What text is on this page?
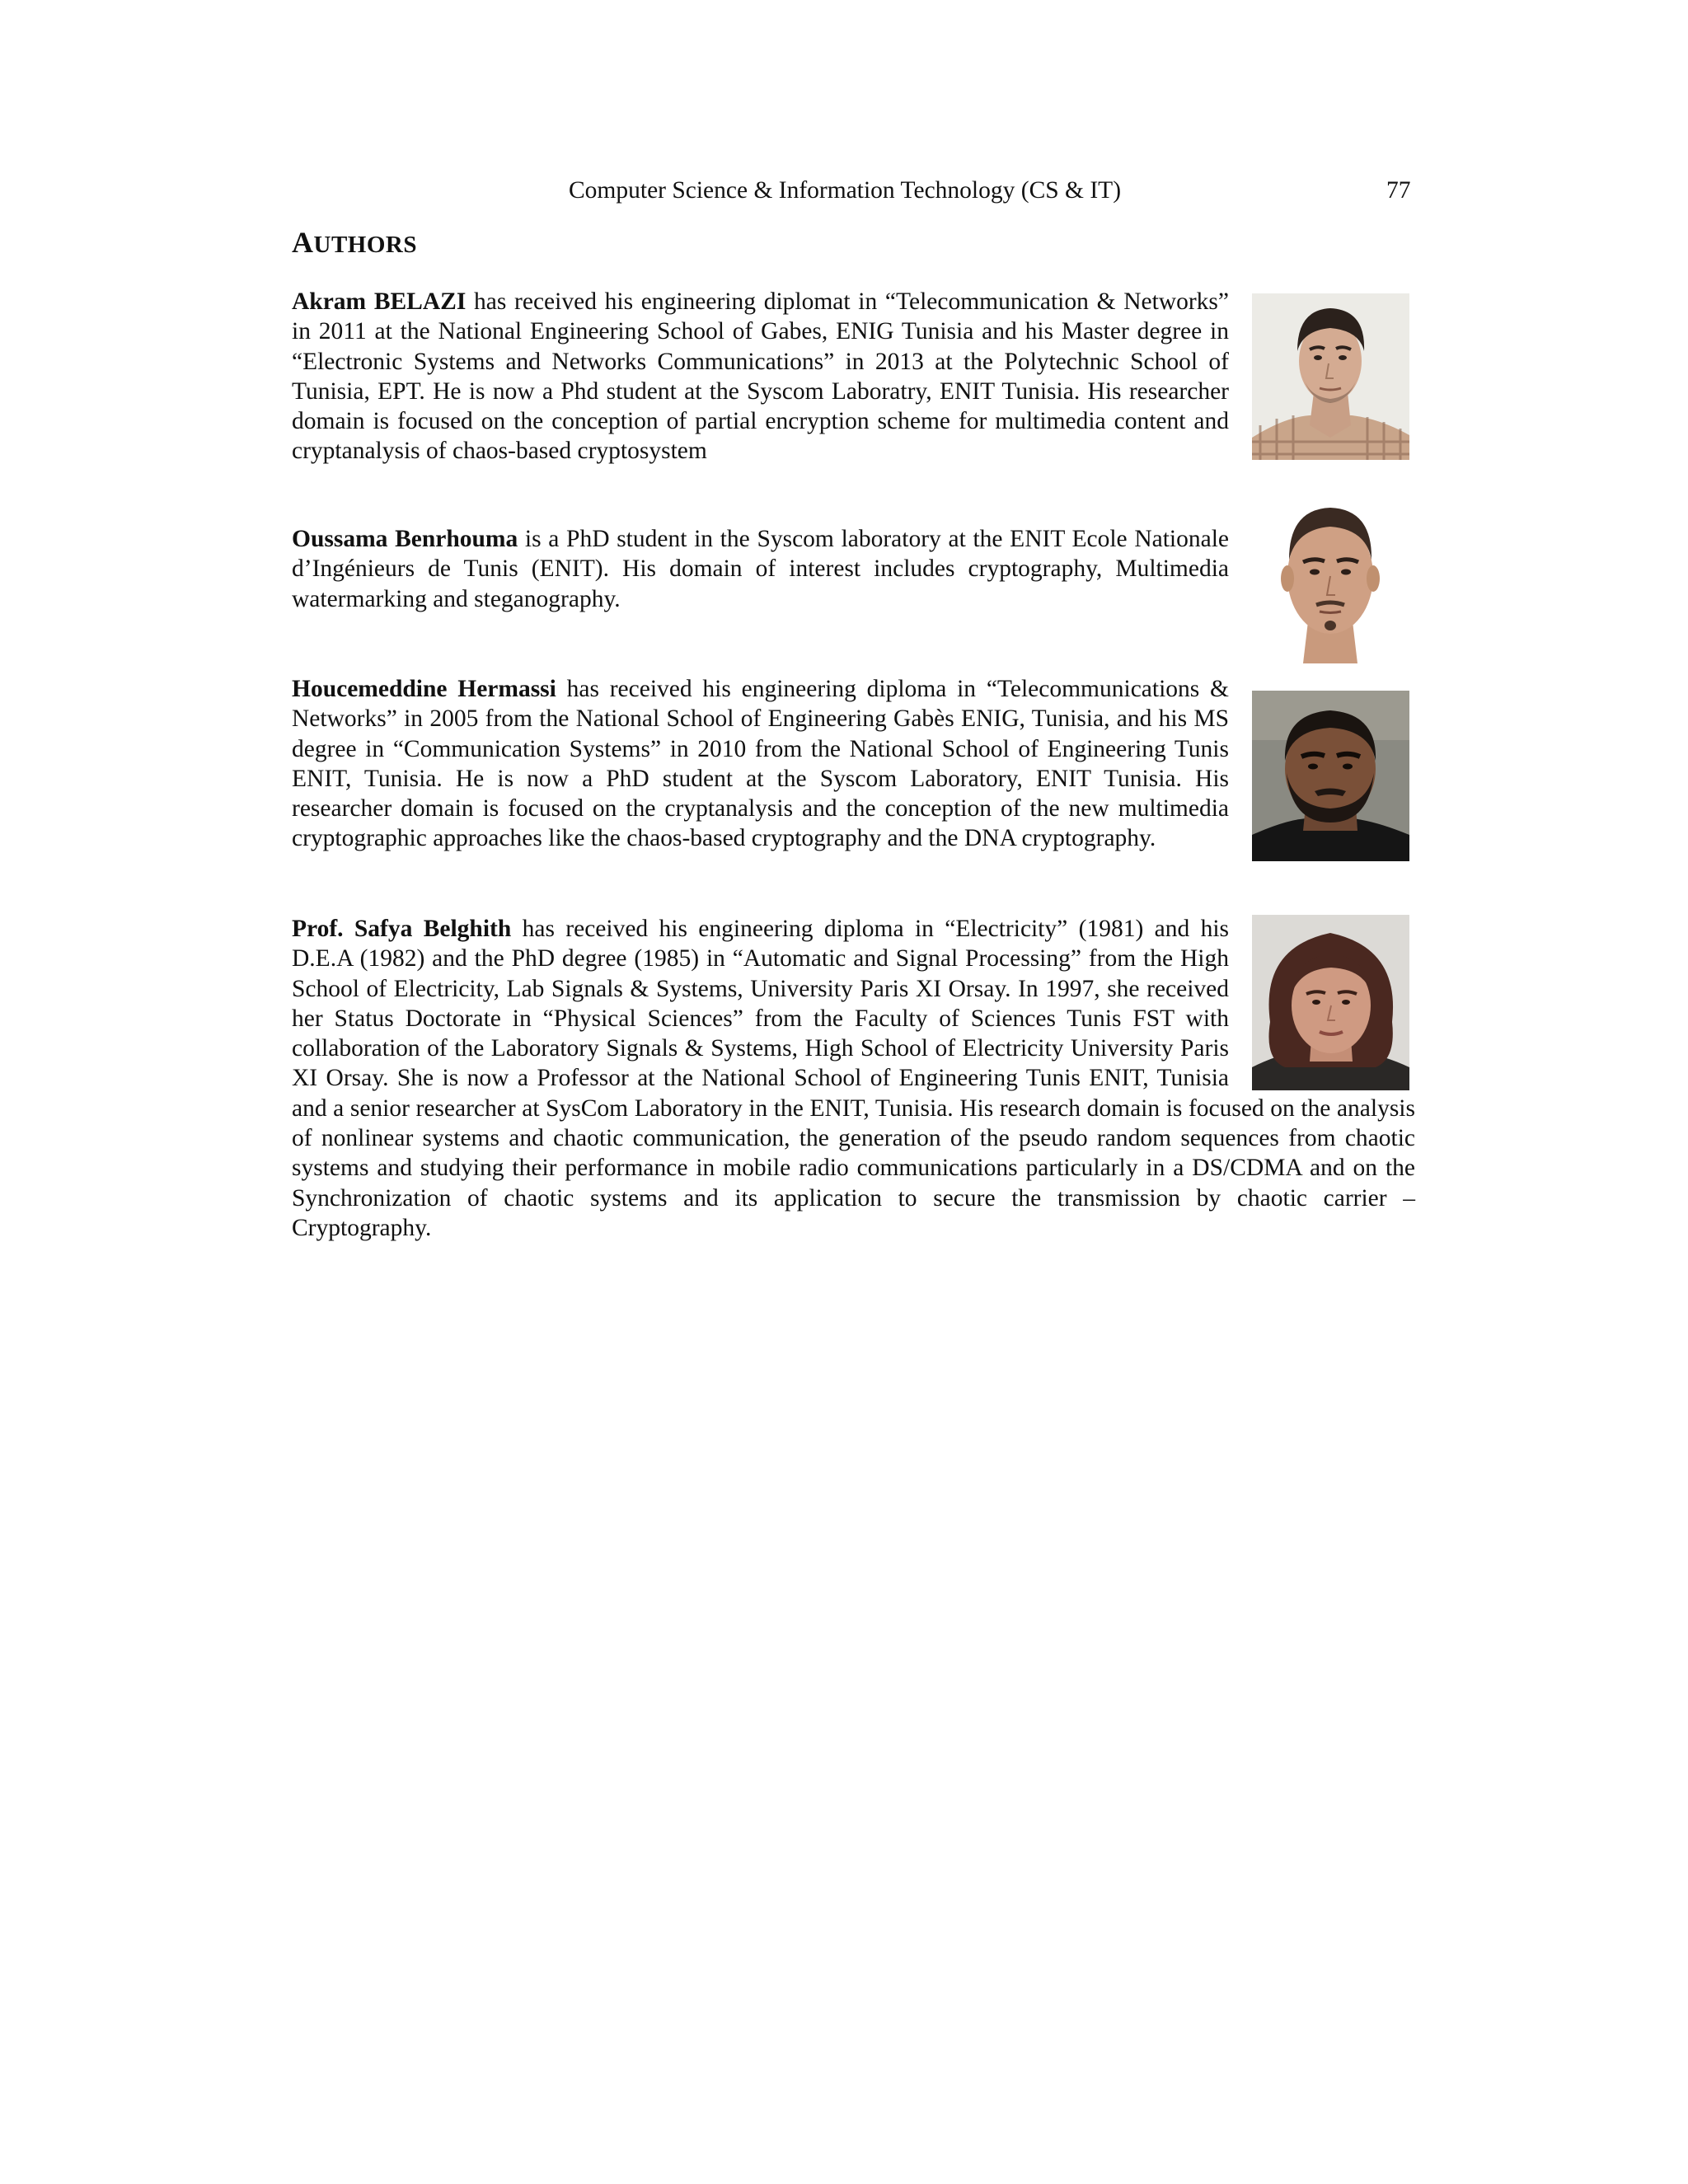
Computer Science & Information Technology (CS & IT)	77
AUTHORS
Akram BELAZI has received his engineering diplomat in “Telecommunication & Networks” in 2011 at the National Engineering School of Gabes, ENIG Tunisia and his Master degree in “Electronic Systems and Networks Communications” in 2013 at the Polytechnic School of Tunisia, EPT. He is now a Phd student at the Syscom Laboratry, ENIT Tunisia. His researcher domain is focused on the conception of partial encryption scheme for multimedia content and cryptanalysis of chaos-based cryptosystem
Oussama Benrhouma is a PhD student in the Syscom laboratory at the ENIT Ecole Nationale d’Ingénieurs de Tunis (ENIT). His domain of interest includes cryptography, Multimedia watermarking and steganography.
Houcemeddine Hermassi has received his engineering diploma in “Telecommunications & Networks” in 2005 from the National School of Engineering Gabès ENIG, Tunisia, and his MS degree in “Communication Systems” in 2010 from the National School of Engineering Tunis ENIT, Tunisia. He is now a PhD student at the Syscom Laboratory, ENIT Tunisia. His researcher domain is focused on the cryptanalysis and the conception of the new multimedia cryptographic approaches like the chaos-based cryptography and the DNA cryptography.
Prof. Safya Belghith has received his engineering diploma in “Electricity” (1981) and his D.E.A (1982) and the PhD degree (1985) in “Automatic and Signal Processing” from the High School of Electricity, Lab Signals & Systems, University Paris XI Orsay. In 1997, she received her Status Doctorate in “Physical Sciences” from the Faculty of Sciences Tunis FST with collaboration of the Laboratory Signals & Systems, High School of Electricity University Paris XI Orsay. She is now a Professor at the National School of Engineering Tunis ENIT, Tunisia and a senior researcher at SysCom Laboratory in the ENIT, Tunisia. His research domain is focused on the analysis of nonlinear systems and chaotic communication, the generation of the pseudo random sequences from chaotic systems and studying their performance in mobile radio communications particularly in a DS/CDMA and on the Synchronization of chaotic systems and its application to secure the transmission by chaotic carrier – Cryptography.
